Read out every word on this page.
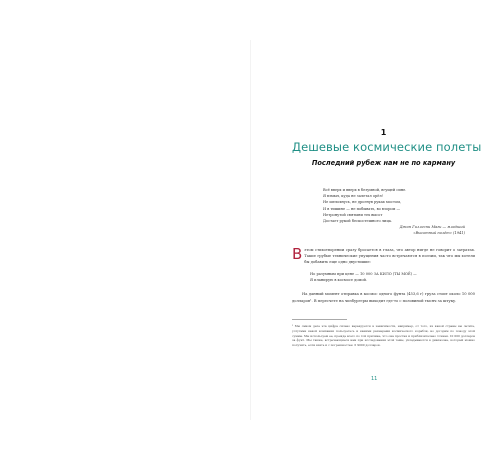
1
Дешевые космические полеты
Последний рубеж нам не по карману
Всё вверх и вверх в безумной, вгущей сине.
Я взмыл, куда не залетал орёл!
Не шелохнусь, не дрогнув руках мостом,
И в тишине — не побывать, во взором —
Нетронутой святыни тех высот
Достает рукой бескостешного лица.
Джон Гиллеспи Маги — младший
«Высотный полёт» (1941)
В этом стихотворении сразу бросается в глаза, что автор нигде не говорит о затратах. Такие грубые технические упущения часто встречаются в поэзии, так что мы хотели бы добавить еще одно двустишие:
Но разумным при цене — 10 000 ЗА КИЛО (ТЫ МОЁ) —
Я планирую в космосе домой.
На данный момент отправка в космос одного фунта (453,6 г) груза стоит около 10 000 долларов¹. В пересчете на чизбургеры выходит где-то с половиной тысяч за штуку.
¹ Мы самом деле эта цифра сильно варьируется в зависимости, например, от того, из какой страны вы летите, услугами какой компании пользуетесь и какими размерами космического корабля, но догорим по поводу этой суммы. Мы используем ее, прежде всего по той причине, что она простая и приблизительно точная. 10 000 долларов за фунт. Мы также, встречающиеся нам при исследовании этой темы, укладываются в диапазоне, который можно получить, если взять и с погрешностью ± 9000 долларов.
11
